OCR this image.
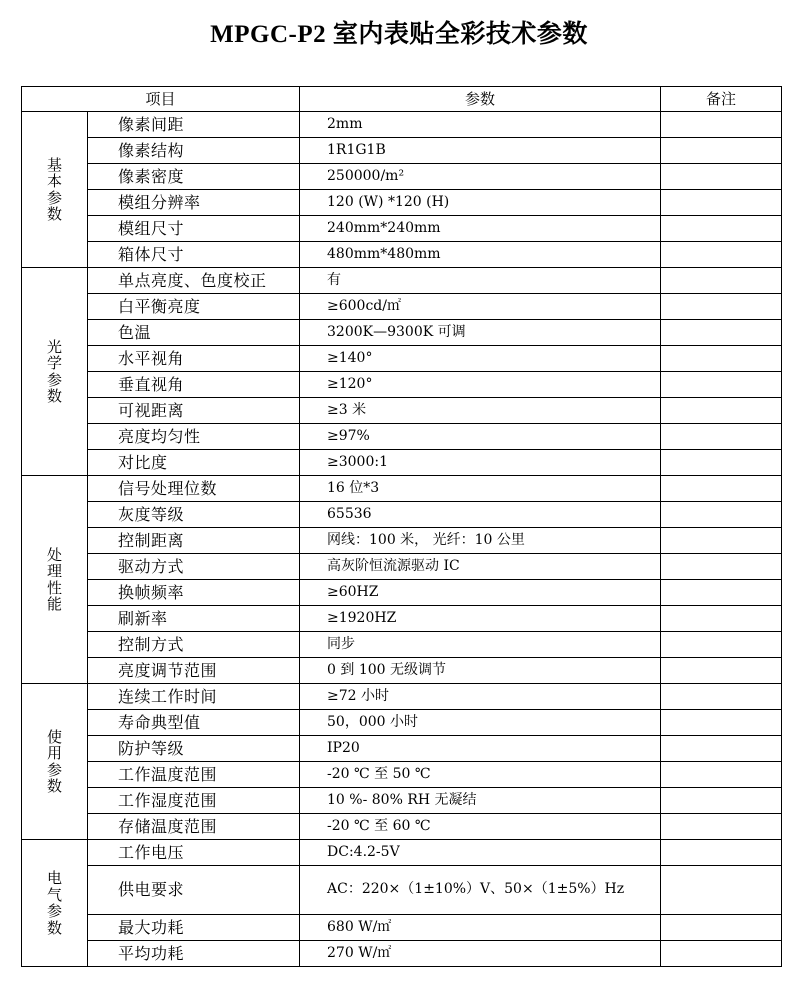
MPGC-P2 室内表贴全彩技术参数
项目		参数	备注

基
本
参
数	像素间距	2mm	
	像素结构	1R1G1B	
	像素密度	250000/m²	
	模组分辨率	120 (W) *120 (H)	
	模组尺寸	240mm*240mm	
	箱体尺寸	480mm*480mm	

光
学
参
数	单点亮度、色度校正	有	
	白平衡亮度	≥600cd/㎡	
	色温	3200K—9300K 可调	
	水平视角	≥140°	
	垂直视角	≥120°	
	可视距离	≥3 米	
	亮度均匀性	≥97%	
	对比度	≥3000:1	

处
理
性
能	信号处理位数	16 位*3	
	灰度等级	65536	
	控制距离	网线：100 米， 光纤：10 公里	
	驱动方式	高灰阶恒流源驱动 IC	
	换帧频率	≥60HZ	
	刷新率	≥1920HZ	
	控制方式	同步	
	亮度调节范围	0 到 100 无级调节	

使
用
参
数	连续工作时间	≥72 小时	
	寿命典型值	50，000 小时	
	防护等级	IP20	
	工作温度范围	-20 ℃ 至 50 ℃	
	工作湿度范围	10 %- 80% RH 无凝结	
	存储温度范围	-20 ℃ 至 60 ℃	

电
气
参
数	工作电压	DC:4.2-5V	
	供电要求	AC：220×（1±10%）V、50×（1±5%）Hz	
	最大功耗	680 W/㎡	
	平均功耗	270 W/㎡	
